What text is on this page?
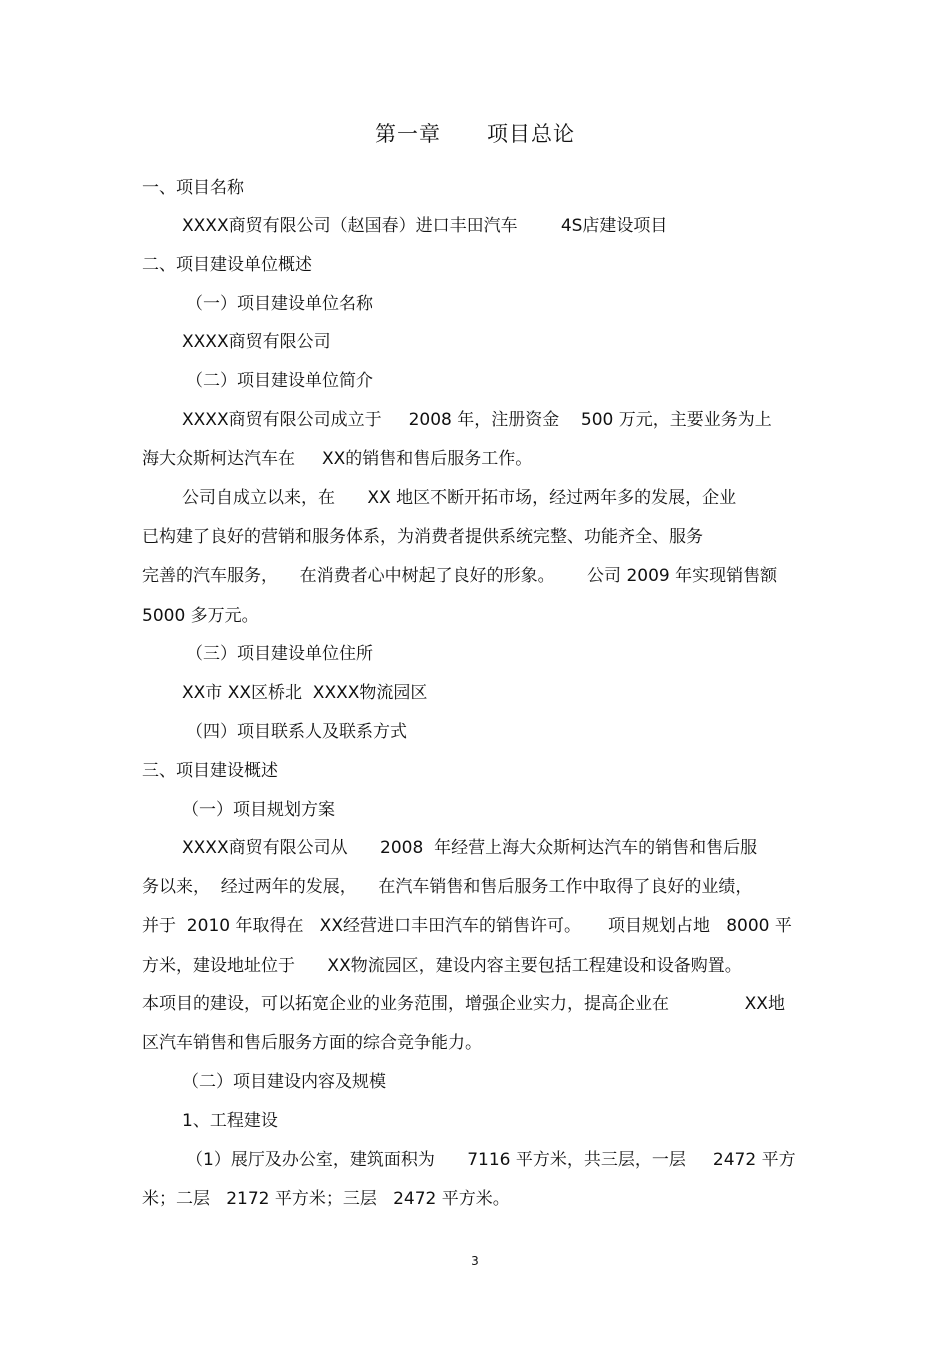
第一章      项目总论
一、项目名称
XXXX商贸有限公司（赵国春）进口丰田汽车        4S店建设项目
二、项目建设单位概述
（一）项目建设单位名称
XXXX商贸有限公司
（二）项目建设单位简介
XXXX商贸有限公司成立于     2008 年，注册资金    500 万元，主要业务为上
海大众斯柯达汽车在     XX的销售和售后服务工作。
公司自成立以来，在      XX 地区不断开拓市场，经过两年多的发展，企业
已构建了良好的营销和服务体系，为消费者提供系统完整、功能齐全、服务
完善的汽车服务，    在消费者心中树起了良好的形象。      公司 2009 年实现销售额
5000 多万元。
（三）项目建设单位住所
XX市 XX区桥北  XXXX物流园区
（四）项目联系人及联系方式
三、项目建设概述
（一）项目规划方案
XXXX商贸有限公司从      2008  年经营上海大众斯柯达汽车的销售和售后服
务以来，  经过两年的发展，    在汽车销售和售后服务工作中取得了良好的业绩，
并于  2010 年取得在   XX经营进口丰田汽车的销售许可。     项目规划占地   8000 平
方米，建设地址位于      XX物流园区，建设内容主要包括工程建设和设备购置。
本项目的建设，可以拓宽企业的业务范围，增强企业实力，提高企业在              XX地
区汽车销售和售后服务方面的综合竞争能力。
（二）项目建设内容及规模
1、工程建设
（1）展厅及办公室，建筑面积为      7116 平方米，共三层，一层     2472 平方
米；二层   2172 平方米；三层   2472 平方米。
3
